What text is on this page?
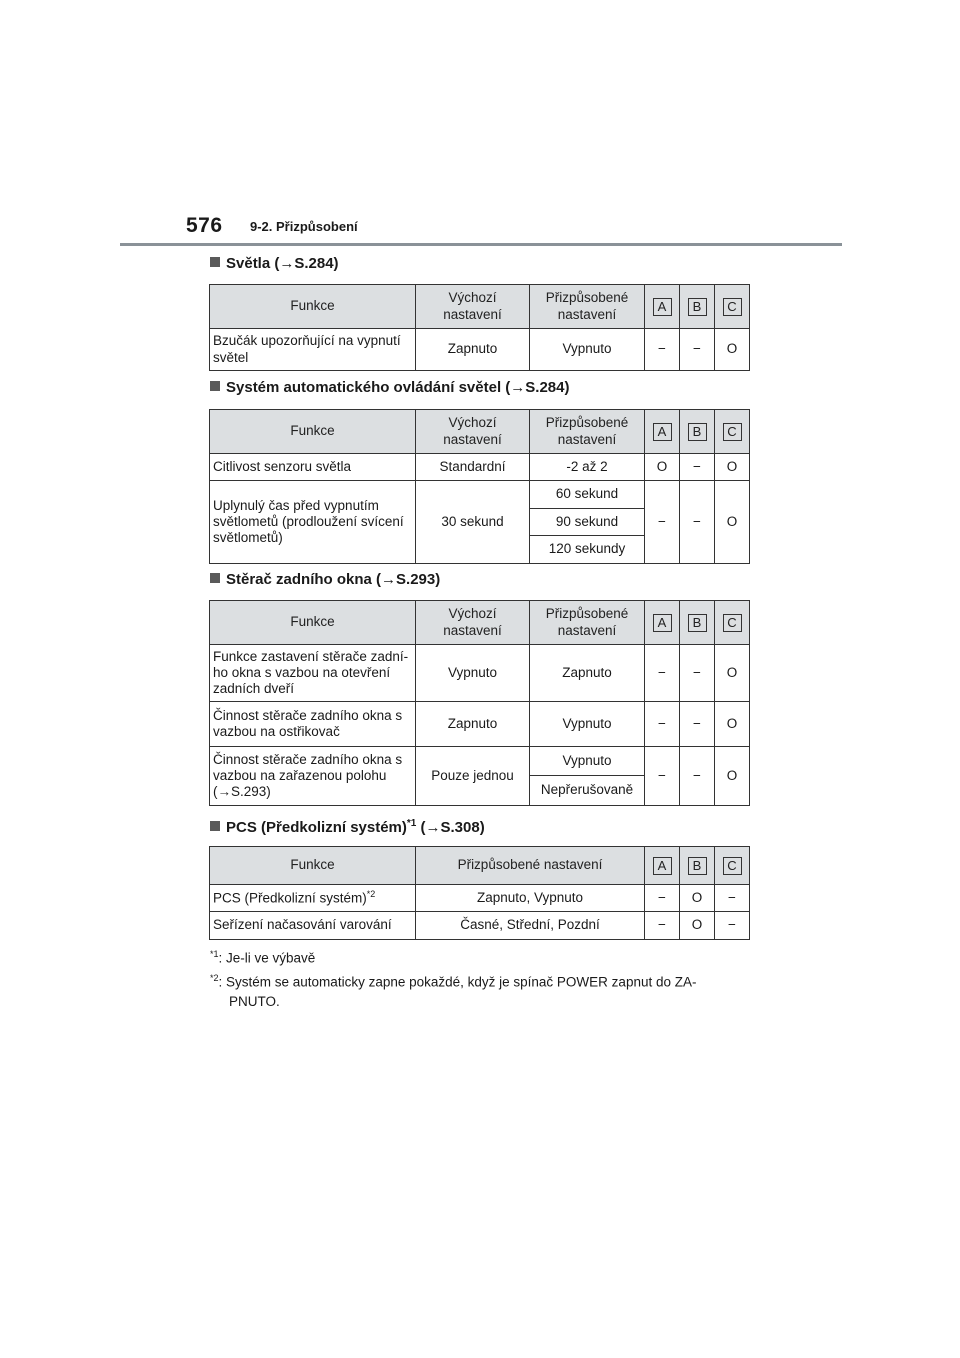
576 9-2. Přizpůsobení
Světla (→S.284)
Funkce	Výchozí nastavení	Přizpůsobené nastavení	A	B	C
Bzučák upozorňující na vypnutí světel	Zapnuto	Vypnuto	−	−	O
Systém automatického ovládání světel (→S.284)
Funkce	Výchozí nastavení	Přizpůsobené nastavení	A	B	C
Citlivost senzoru světla	Standardní	-2 až 2	O	−	O
Uplynulý čas před vypnutím světlometů (prodloužení svícení světlometů)	30 sekund	60 sekund	−	−	O
		90 sekund			
		120 sekundy			
Stěrač zadního okna (→S.293)
Funkce	Výchozí nastavení	Přizpůsobené nastavení	A	B	C
Funkce zastavení stěrače zadní-ho okna s vazbou na otevření zadních dveří	Vypnuto	Zapnuto	−	−	O
Činnost stěrače zadního okna s vazbou na ostřikovač	Zapnuto	Vypnuto	−	−	O
Činnost stěrače zadního okna s vazbou na zařazenou polohu (→S.293)	Pouze jednou	Vypnuto	−	−	O
		Nepřerušovaně			
PCS (Předkolizní systém)$^{*1}$ (→S.308)
Funkce	Přizpůsobené nastavení	A	B	C
PCS (Předkolizní systém)$^{*2}$	Zapnuto, Vypnuto	−	O	−
Seřízení načasování varování	Časné, Střední, Pozdní	−	O	−
$^{*1}$: Je-li ve výbavě
$^{*2}$: Systém se automaticky zapne pokaždé, když je spínač POWER zapnut do ZA-
PNUTO.
